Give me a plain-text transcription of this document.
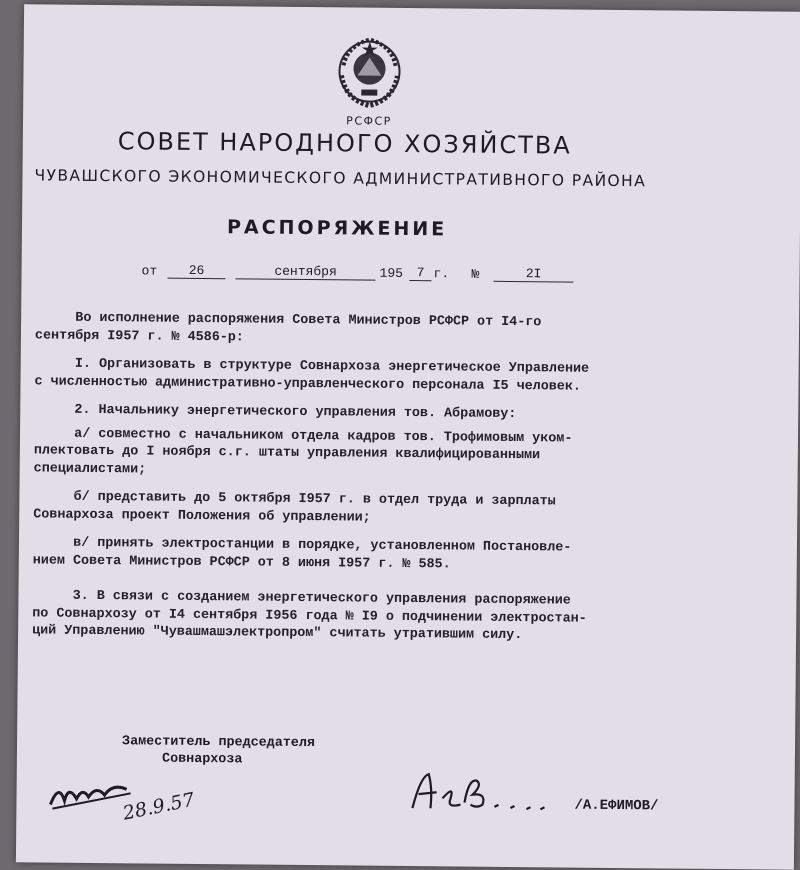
РСФСР
СОВЕТ НАРОДНОГО ХОЗЯЙСТВА
ЧУВАШСКОГО ЭКОНОМИЧЕСКОГО АДМИНИСТРАТИВНОГО РАЙОНА
РАСПОРЯЖЕНИЕ
от	26	сентября	195	7 г. №	2I

Во исполнение распоряжения Совета Министров РСФСР от I4-го
сентября I957 г. № 4586-р:

I. Организовать в структуре Совнархоза энергетическое Управление
с численностью административно-управленческого персонала I5 человек.

2. Начальнику энергетического управления тов. Абрамову:

а/ совместно с начальником отдела кадров тов. Трофимовым уком-
плектовать до I ноября с.г. штаты управления квалифицированными
специалистами;

б/ представить до 5 октября I957 г. в отдел труда и зарплаты
Совнархоза проект Положения об управлении;

в/ принять электростанции в порядке, установленном Постановле-
нием Совета Министров РСФСР от 8 июня I957 г. № 585.

3. В связи с созданием энергетического управления распоряжение
по Совнархозу от I4 сентября I956 года № I9 о подчинении электростан-
ций Управлению "Чувашмашэлектропром" считать утратившим силу.

Заместитель председателя
Совнархоза
28.9.57	/А.ЕФИМОВ/
